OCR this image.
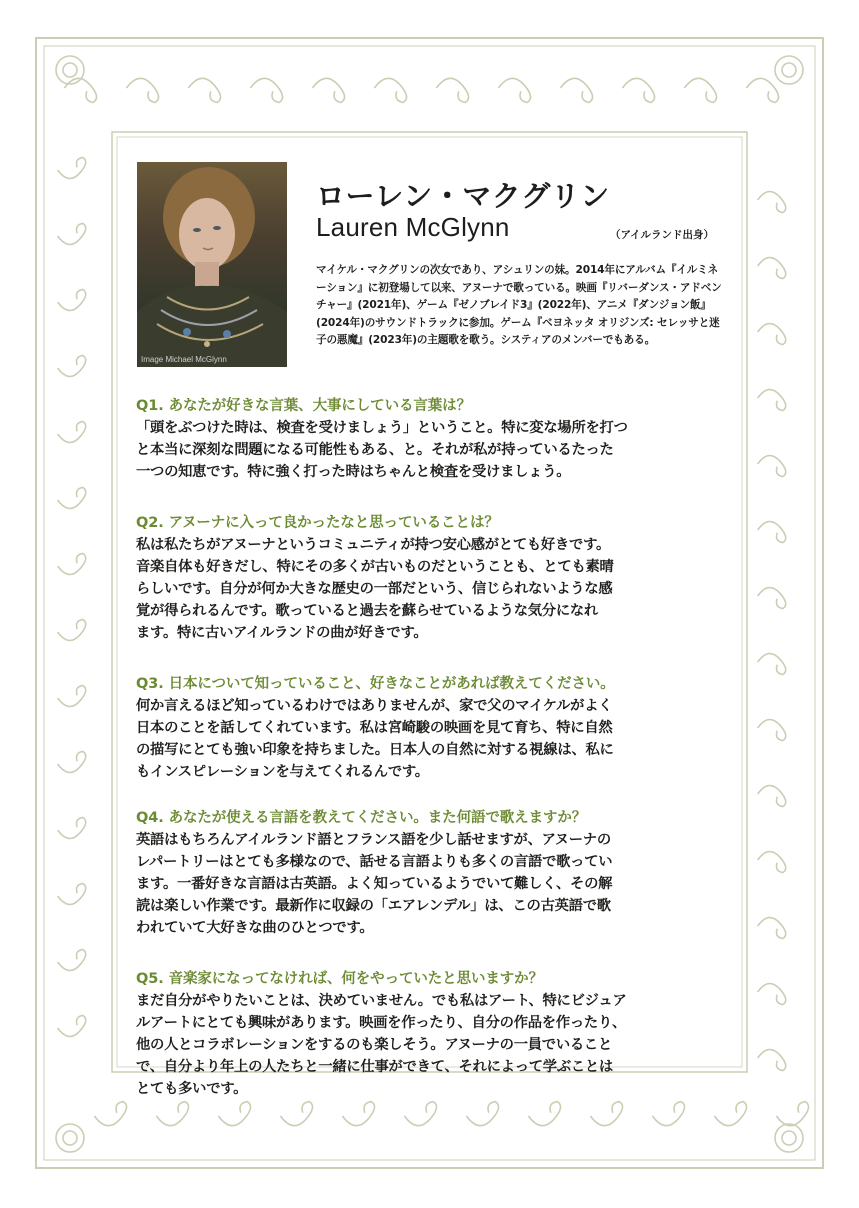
Image Michael McGlynn
ローレン・マクグリン
Lauren McGlynn	（アイルランド出身）
マイケル・マクグリンの次女であり、アシュリンの妹。2014年にアルバム『イルミネーション』に初登場して以来、アヌーナで歌っている。映画『リバーダンス・アドベンチャー』(2021年)、ゲーム『ゼノブレイド3』(2022年)、アニメ『ダンジョン飯』(2024年)のサウンドトラックに参加。ゲーム『ベヨネッタ オリジンズ: セレッサと迷子の悪魔』(2023年)の主題歌を歌う。システィアのメンバーでもある。
Q1. あなたが好きな言葉、大事にしている言葉は？
「頭をぶつけた時は、検査を受けましょう」ということ。特に変な場所を打つ
と本当に深刻な問題になる可能性もある、と。それが私が持っているたった
一つの知恵です。特に強く打った時はちゃんと検査を受けましょう。
Q2. アヌーナに入って良かったなと思っていることは？
私は私たちがアヌーナというコミュニティが持つ安心感がとても好きです。
音楽自体も好きだし、特にその多くが古いものだということも、とても素晴
らしいです。自分が何か大きな歴史の一部だという、信じられないような感
覚が得られるんです。歌っていると過去を蘇らせているような気分になれ
ます。特に古いアイルランドの曲が好きです。
Q3. 日本について知っていること、好きなことがあれば教えてください。
何か言えるほど知っているわけではありませんが、家で父のマイケルがよく
日本のことを話してくれています。私は宮崎駿の映画を見て育ち、特に自然
の描写にとても強い印象を持ちました。日本人の自然に対する視線は、私に
もインスピレーションを与えてくれるんです。
Q4. あなたが使える言語を教えてください。また何語で歌えますか？
英語はもちろんアイルランド語とフランス語を少し話せますが、アヌーナの
レパートリーはとても多様なので、話せる言語よりも多くの言語で歌ってい
ます。一番好きな言語は古英語。よく知っているようでいて難しく、その解
読は楽しい作業です。最新作に収録の「エアレンデル」は、この古英語で歌
われていて大好きな曲のひとつです。
Q5. 音楽家になってなければ、何をやっていたと思いますか？
まだ自分がやりたいことは、決めていません。でも私はアート、特にビジュア
ルアートにとても興味があります。映画を作ったり、自分の作品を作ったり、
他の人とコラボレーションをするのも楽しそう。アヌーナの一員でいること
で、自分より年上の人たちと一緒に仕事ができて、それによって学ぶことは
とても多いです。
